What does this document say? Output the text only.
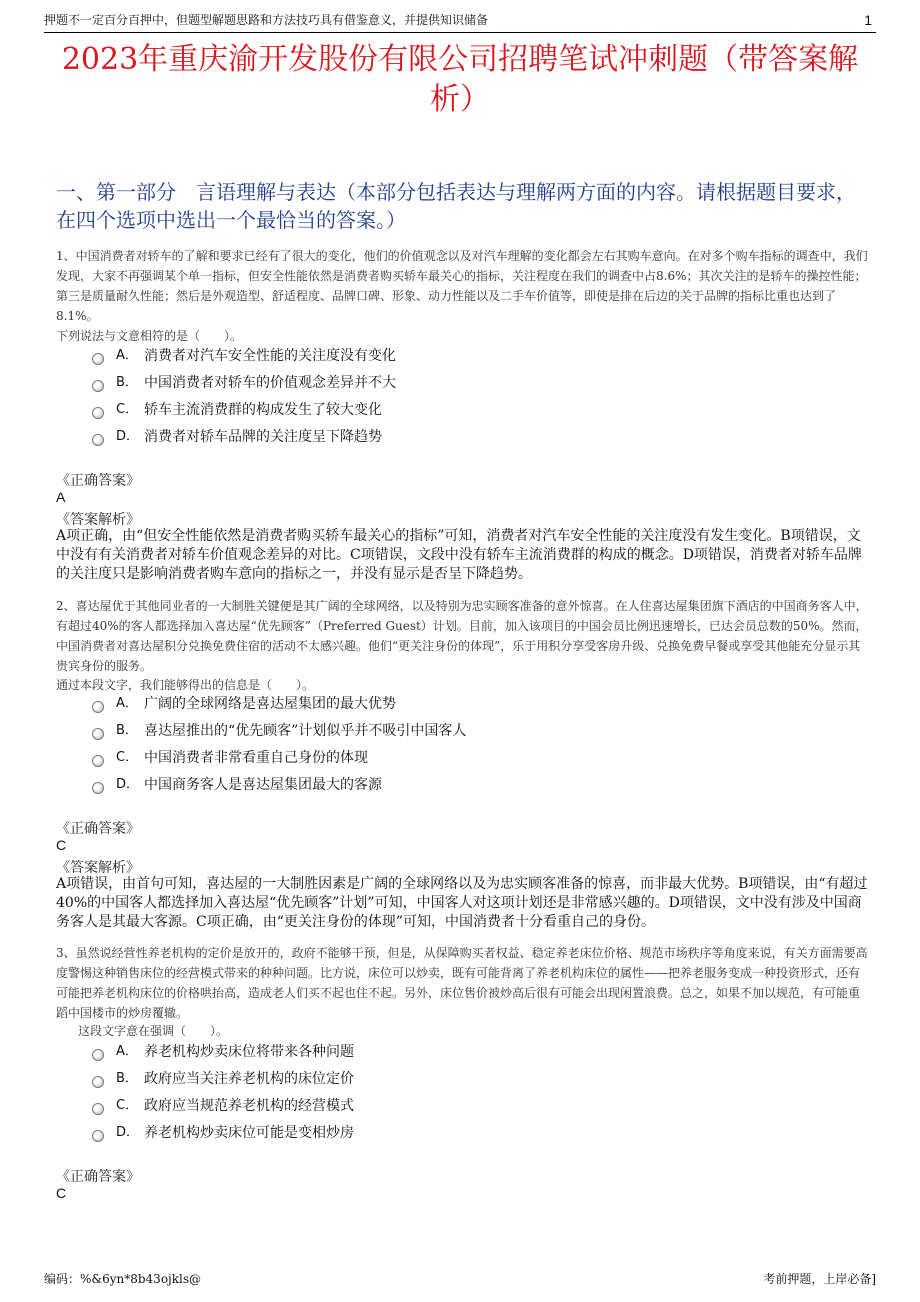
押题不一定百分百押中，但题型解题思路和方法技巧具有借鉴意义，并提供知识储备	1
2023年重庆渝开发股份有限公司招聘笔试冲刺题（带答案解析）
一、第一部分　言语理解与表达（本部分包括表达与理解两方面的内容。请根据题目要求，在四个选项中选出一个最恰当的答案。）
1、中国消费者对轿车的了解和要求已经有了很大的变化，他们的价值观念以及对汽车理解的变化都会左右其购车意向。在对多个购车指标的调查中，我们发现，大家不再强调某个单一指标，但安全性能依然是消费者购买轿车最关心的指标，关注程度在我们的调查中占8.6%；其次关注的是轿车的操控性能；第三是质量耐久性能；然后是外观造型、舒适程度、品牌口碑、形象、动力性能以及二手车价值等，即使是排在后边的关于品牌的指标比重也达到了8.1%。
下列说法与文意相符的是（　　）。
A． 消费者对汽车安全性能的关注度没有变化
B． 中国消费者对轿车的价值观念差异并不大
C． 轿车主流消费群的构成发生了较大变化
D． 消费者对轿车品牌的关注度呈下降趋势
《正确答案》
A
《答案解析》
A项正确，由“但安全性能依然是消费者购买轿车最关心的指标”可知，消费者对汽车安全性能的关注度没有发生变化。B项错误，文中没有有关消费者对轿车价值观念差异的对比。C项错误，文段中没有轿车主流消费群的构成的概念。D项错误，消费者对轿车品牌的关注度只是影响消费者购车意向的指标之一，并没有显示是否呈下降趋势。
2、喜达屋优于其他同业者的一大制胜关键便是其广阔的全球网络，以及特别为忠实顾客准备的意外惊喜。在人住喜达屋集团旗下酒店的中国商务客人中，有超过40%的客人都选择加入喜达屋“优先顾客”（Preferred Guest）计划。目前，加入该项目的中国会员比例迅速增长，已达会员总数的50%。然而，中国消费者对喜达屋积分兑换免费住宿的活动不太感兴趣。他们“更关注身份的体现”，乐于用积分享受客房升级、兑换免费早餐或享受其他能充分显示其贵宾身份的服务。
通过本段文字，我们能够得出的信息是（　　）。
A． 广阔的全球网络是喜达屋集团的最大优势
B． 喜达屋推出的“优先顾客”计划似乎并不吸引中国客人
C． 中国消费者非常看重自己身份的体现
D． 中国商务客人是喜达屋集团最大的客源
《正确答案》
C
《答案解析》
A项错误，由首句可知，喜达屋的一大制胜因素是广阔的全球网络以及为忠实顾客准备的惊喜，而非最大优势。B项错误，由“有超过40%的中国客人都选择加入喜达屋“优先顾客”计划”可知，中国客人对这项计划还是非常感兴趣的。D项错误，文中没有涉及中国商务客人是其最大客源。C项正确，由“更关注身份的体现”可知，中国消费者十分看重自己的身份。
3、虽然说经营性养老机构的定价是放开的，政府不能够干预，但是，从保障购买者权益、稳定养老床位价格、规范市场秩序等角度来说，有关方面需要高度警惕这种销售床位的经营模式带来的种种问题。比方说，床位可以炒卖，既有可能背离了养老机构床位的属性——把养老服务变成一种投资形式，还有可能把养老机构床位的价格哄抬高，造成老人们买不起也住不起。另外，床位售价被炒高后很有可能会出现闲置浪费。总之，如果不加以规范，有可能重蹈中国楼市的炒房覆辙。
这段文字意在强调（　　）。
A． 养老机构炒卖床位将带来各种问题
B． 政府应当关注养老机构的床位定价
C． 政府应当规范养老机构的经营模式
D． 养老机构炒卖床位可能是变相炒房
《正确答案》
C
编码：%&6yn*8b43ojkls@	考前押题，上岸必备]
